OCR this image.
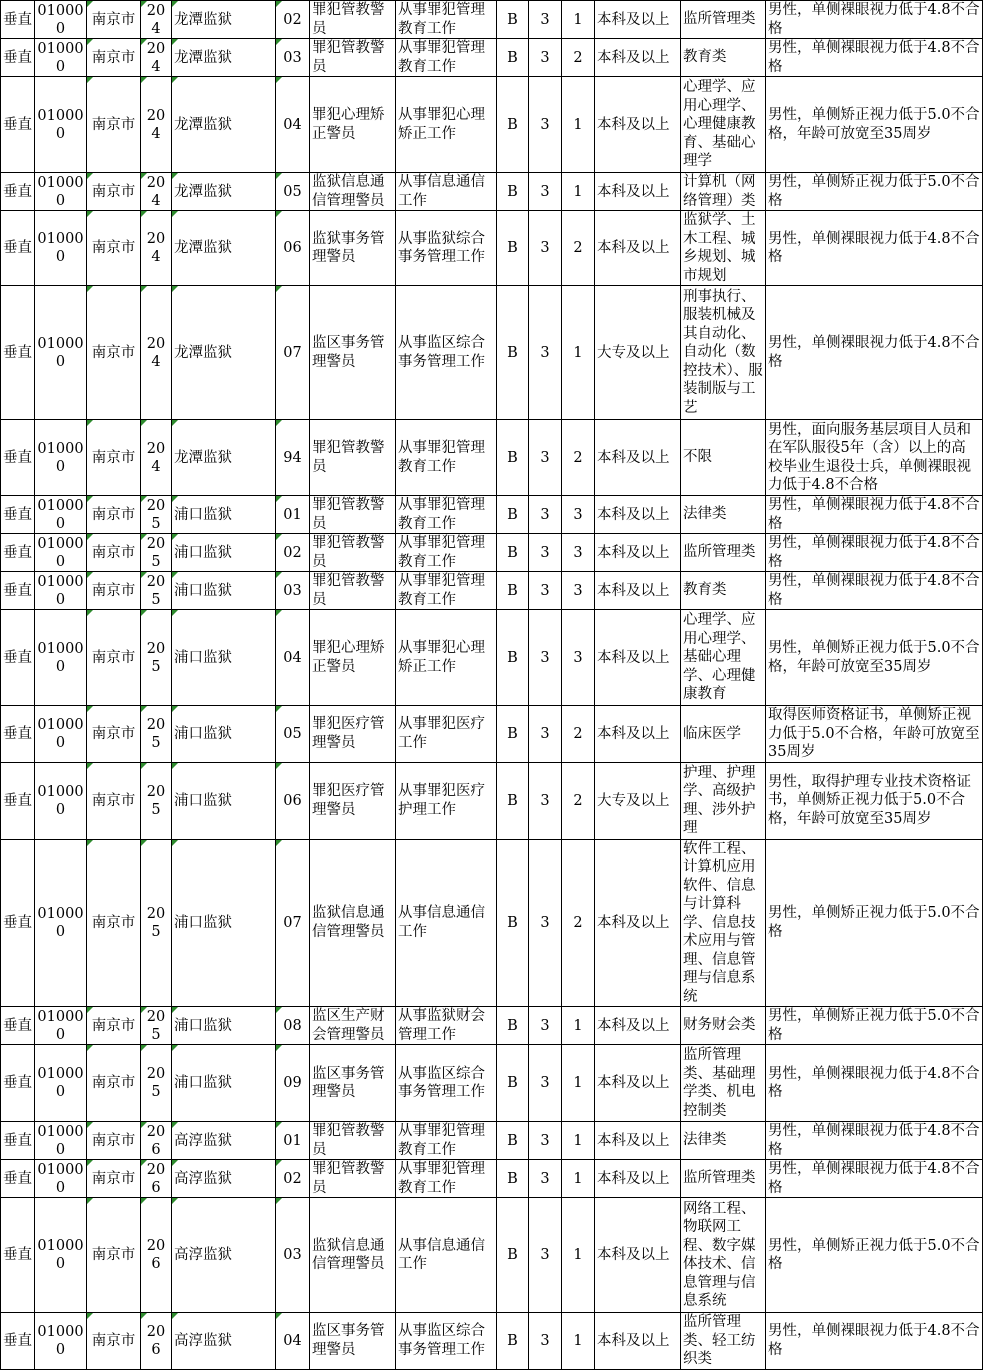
垂直	010000	南京市	204	龙潭监狱	02	罪犯管教警员	从事罪犯管理教育工作	B	3	1	本科及以上	监所管理类	男性，单侧裸眼视力低于4.8不合格
垂直	010000	南京市	204	龙潭监狱	03	罪犯管教警员	从事罪犯管理教育工作	B	3	2	本科及以上	教育类	男性，单侧裸眼视力低于4.8不合格
垂直	010000	南京市	204	龙潭监狱	04	罪犯心理矫正警员	从事罪犯心理矫正工作	B	3	1	本科及以上	心理学、应用心理学、心理健康教育、基础心理学	男性，单侧矫正视力低于5.0不合格，年龄可放宽至35周岁
垂直	010000	南京市	204	龙潭监狱	05	监狱信息通信管理警员	从事信息通信工作	B	3	1	本科及以上	计算机（网络管理）类	男性，单侧矫正视力低于5.0不合格
垂直	010000	南京市	204	龙潭监狱	06	监狱事务管理警员	从事监狱综合事务管理工作	B	3	2	本科及以上	监狱学、土木工程、城乡规划、城市规划	男性，单侧裸眼视力低于4.8不合格
垂直	010000	南京市	204	龙潭监狱	07	监区事务管理警员	从事监区综合事务管理工作	B	3	1	大专及以上	刑事执行、服装机械及其自动化、自动化（数控技术）、服装制版与工艺	男性，单侧裸眼视力低于4.8不合格
垂直	010000	南京市	204	龙潭监狱	94	罪犯管教警员	从事罪犯管理教育工作	B	3	2	本科及以上	不限	男性，面向服务基层项目人员和在军队服役5年（含）以上的高校毕业生退役士兵，单侧裸眼视力低于4.8不合格
垂直	010000	南京市	205	浦口监狱	01	罪犯管教警员	从事罪犯管理教育工作	B	3	3	本科及以上	法律类	男性，单侧裸眼视力低于4.8不合格
垂直	010000	南京市	205	浦口监狱	02	罪犯管教警员	从事罪犯管理教育工作	B	3	3	本科及以上	监所管理类	男性，单侧裸眼视力低于4.8不合格
垂直	010000	南京市	205	浦口监狱	03	罪犯管教警员	从事罪犯管理教育工作	B	3	3	本科及以上	教育类	男性，单侧裸眼视力低于4.8不合格
垂直	010000	南京市	205	浦口监狱	04	罪犯心理矫正警员	从事罪犯心理矫正工作	B	3	3	本科及以上	心理学、应用心理学、基础心理学、心理健康教育	男性，单侧矫正视力低于5.0不合格，年龄可放宽至35周岁
垂直	010000	南京市	205	浦口监狱	05	罪犯医疗管理警员	从事罪犯医疗工作	B	3	2	本科及以上	临床医学	取得医师资格证书，单侧矫正视力低于5.0不合格，年龄可放宽至35周岁
垂直	010000	南京市	205	浦口监狱	06	罪犯医疗管理警员	从事罪犯医疗护理工作	B	3	2	大专及以上	护理、护理学、高级护理、涉外护理	男性，取得护理专业技术资格证书，单侧矫正视力低于5.0不合格，年龄可放宽至35周岁
垂直	010000	南京市	205	浦口监狱	07	监狱信息通信管理警员	从事信息通信工作	B	3	2	本科及以上	软件工程、计算机应用软件、信息与计算科学、信息技术应用与管理、信息管理与信息系统	男性，单侧矫正视力低于5.0不合格
垂直	010000	南京市	205	浦口监狱	08	监区生产财会管理警员	从事监狱财会管理工作	B	3	1	本科及以上	财务财会类	男性，单侧矫正视力低于5.0不合格
垂直	010000	南京市	205	浦口监狱	09	监区事务管理警员	从事监区综合事务管理工作	B	3	1	本科及以上	监所管理类、基础理学类、机电控制类	男性，单侧裸眼视力低于4.8不合格
垂直	010000	南京市	206	高淳监狱	01	罪犯管教警员	从事罪犯管理教育工作	B	3	1	本科及以上	法律类	男性，单侧裸眼视力低于4.8不合格
垂直	010000	南京市	206	高淳监狱	02	罪犯管教警员	从事罪犯管理教育工作	B	3	1	本科及以上	监所管理类	男性，单侧裸眼视力低于4.8不合格
垂直	010000	南京市	206	高淳监狱	03	监狱信息通信管理警员	从事信息通信工作	B	3	1	本科及以上	网络工程、物联网工程、数字媒体技术、信息管理与信息系统	男性，单侧矫正视力低于5.0不合格
垂直	010000	南京市	206	高淳监狱	04	监区事务管理警员	从事监区综合事务管理工作	B	3	1	本科及以上	监所管理类、轻工纺织类	男性，单侧裸眼视力低于4.8不合格
